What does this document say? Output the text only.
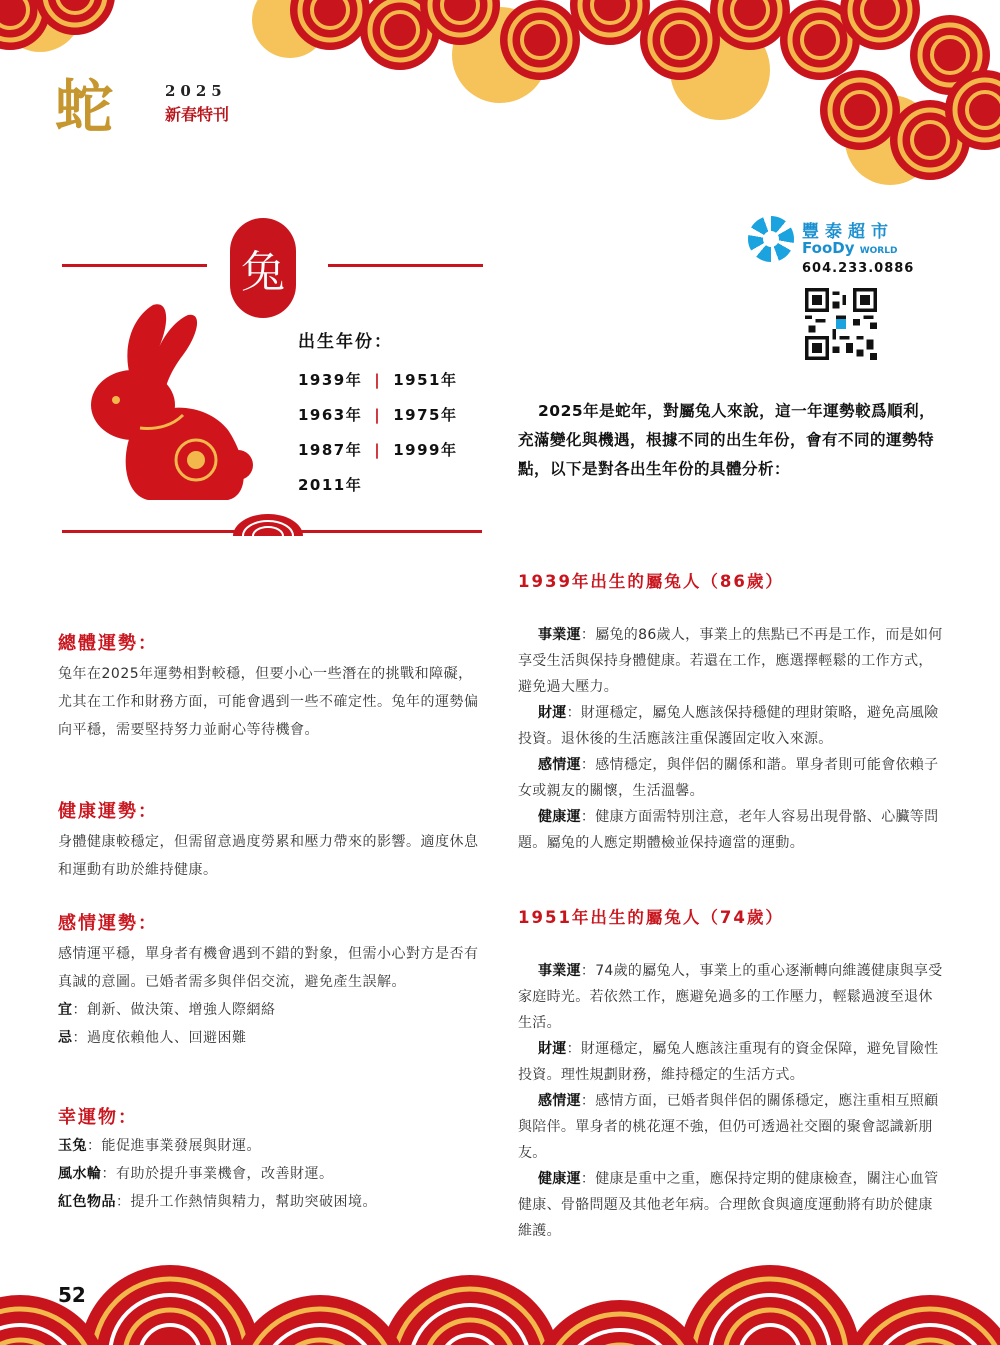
蛇	2025
新春特刊
兔
出生年份：
1939年 | 1951年
1963年 | 1975年
1987年 | 1999年
2011年
豐泰超市
FooDy WORLD
604.233.0886
2025年是蛇年，對屬兔人來說，這一年運勢較爲順利，充滿變化與機遇，根據不同的出生年份，會有不同的運勢特點，以下是對各出生年份的具體分析：
總體運勢：
兔年在2025年運勢相對較穩，但要小心一些潛在的挑戰和障礙，尤其在工作和財務方面，可能會遇到一些不確定性。兔年的運勢偏向平穩，需要堅持努力並耐心等待機會。
健康運勢：
身體健康較穩定，但需留意過度勞累和壓力帶來的影響。適度休息和運動有助於維持健康。
感情運勢：
感情運平穩，單身者有機會遇到不錯的對象，但需小心對方是否有真誠的意圖。已婚者需多與伴侶交流，避免產生誤解。
宜：創新、做決策、增強人際網絡
忌：過度依賴他人、回避困難
幸運物：
玉兔：能促進事業發展與財運。
風水輪：有助於提升事業機會，改善財運。
紅色物品：提升工作熱情與精力，幫助突破困境。
1939年出生的屬兔人（86歲）
事業運：屬兔的86歲人，事業上的焦點已不再是工作，而是如何享受生活與保持身體健康。若還在工作，應選擇輕鬆的工作方式，避免過大壓力。
財運：財運穩定，屬兔人應該保持穩健的理財策略，避免高風險投資。退休後的生活應該注重保護固定收入來源。
感情運：感情穩定，與伴侶的關係和諧。單身者則可能會依賴子女或親友的關懷，生活溫馨。
健康運：健康方面需特別注意，老年人容易出現骨骼、心臟等問題。屬兔的人應定期體檢並保持適當的運動。
1951年出生的屬兔人（74歲）
事業運：74歲的屬兔人，事業上的重心逐漸轉向維護健康與享受家庭時光。若依然工作，應避免過多的工作壓力，輕鬆過渡至退休生活。
財運：財運穩定，屬兔人應該注重現有的資金保障，避免冒險性投資。理性規劃財務，維持穩定的生活方式。
感情運：感情方面，已婚者與伴侶的關係穩定，應注重相互照顧與陪伴。單身者的桃花運不強，但仍可透過社交圈的聚會認識新朋友。
健康運：健康是重中之重，應保持定期的健康檢查，關注心血管健康、骨骼問題及其他老年病。合理飲食與適度運動將有助於健康維護。
52
